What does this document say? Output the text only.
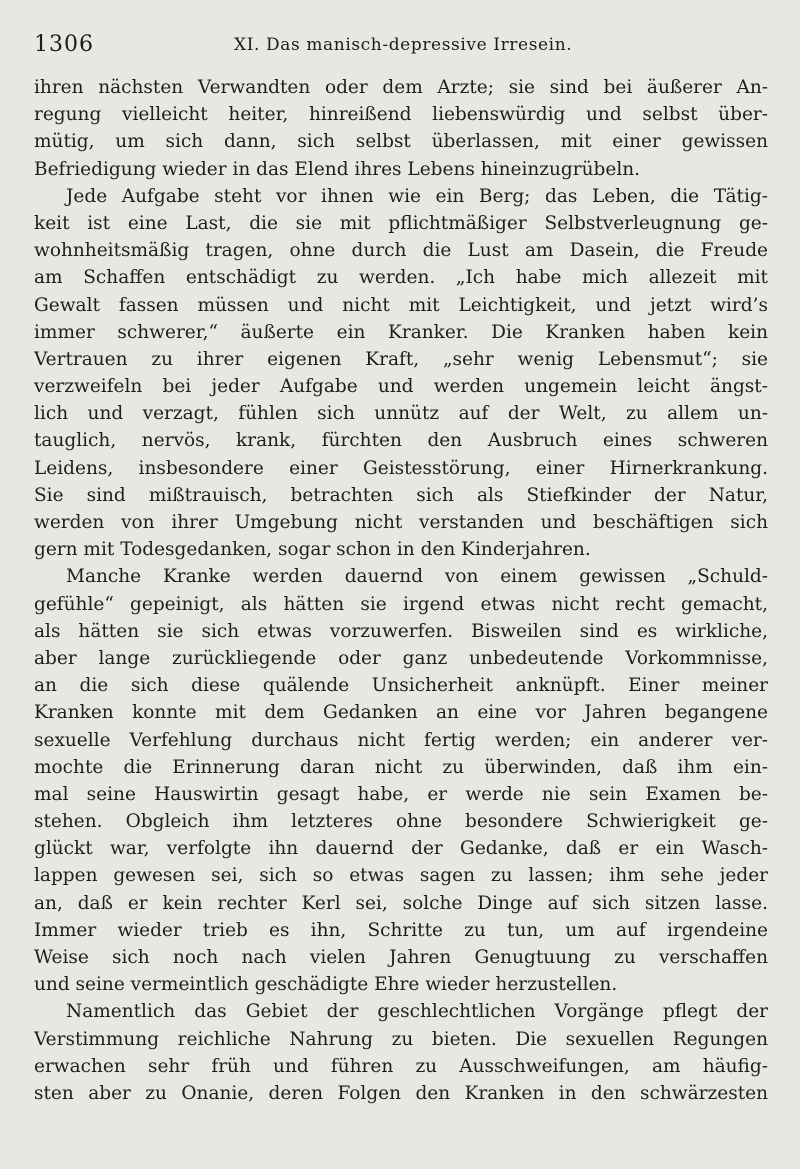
1306	XI. Das manisch-depressive Irresein.
ihren nächsten Verwandten oder dem Arzte; sie sind bei äußerer An-
regung vielleicht heiter, hinreißend liebenswürdig und selbst über-
mütig, um sich dann, sich selbst überlassen, mit einer gewissen
Befriedigung wieder in das Elend ihres Lebens hineinzugrübeln.
Jede Aufgabe steht vor ihnen wie ein Berg; das Leben, die Tätig-
keit ist eine Last, die sie mit pflichtmäßiger Selbstverleugnung ge-
wohnheitsmäßig tragen, ohne durch die Lust am Dasein, die Freude
am Schaffen entschädigt zu werden. „Ich habe mich allezeit mit
Gewalt fassen müssen und nicht mit Leichtigkeit, und jetzt wird’s
immer schwerer,“ äußerte ein Kranker. Die Kranken haben kein
Vertrauen zu ihrer eigenen Kraft, „sehr wenig Lebensmut“; sie
verzweifeln bei jeder Aufgabe und werden ungemein leicht ängst-
lich und verzagt, fühlen sich unnütz auf der Welt, zu allem un-
tauglich, nervös, krank, fürchten den Ausbruch eines schweren
Leidens, insbesondere einer Geistesstörung, einer Hirnerkrankung.
Sie sind mißtrauisch, betrachten sich als Stiefkinder der Natur,
werden von ihrer Umgebung nicht verstanden und beschäftigen sich
gern mit Todesgedanken, sogar schon in den Kinderjahren.
Manche Kranke werden dauernd von einem gewissen „Schuld-
gefühle“ gepeinigt, als hätten sie irgend etwas nicht recht gemacht,
als hätten sie sich etwas vorzuwerfen. Bisweilen sind es wirkliche,
aber lange zurückliegende oder ganz unbedeutende Vorkommnisse,
an die sich diese quälende Unsicherheit anknüpft. Einer meiner
Kranken konnte mit dem Gedanken an eine vor Jahren begangene
sexuelle Verfehlung durchaus nicht fertig werden; ein anderer ver-
mochte die Erinnerung daran nicht zu überwinden, daß ihm ein-
mal seine Hauswirtin gesagt habe, er werde nie sein Examen be-
stehen. Obgleich ihm letzteres ohne besondere Schwierigkeit ge-
glückt war, verfolgte ihn dauernd der Gedanke, daß er ein Wasch-
lappen gewesen sei, sich so etwas sagen zu lassen; ihm sehe jeder
an, daß er kein rechter Kerl sei, solche Dinge auf sich sitzen lasse.
Immer wieder trieb es ihn, Schritte zu tun, um auf irgendeine
Weise sich noch nach vielen Jahren Genugtuung zu verschaffen
und seine vermeintlich geschädigte Ehre wieder herzustellen.
Namentlich das Gebiet der geschlechtlichen Vorgänge pflegt der
Verstimmung reichliche Nahrung zu bieten. Die sexuellen Regungen
erwachen sehr früh und führen zu Ausschweifungen, am häufig-
sten aber zu Onanie, deren Folgen den Kranken in den schwärzesten
